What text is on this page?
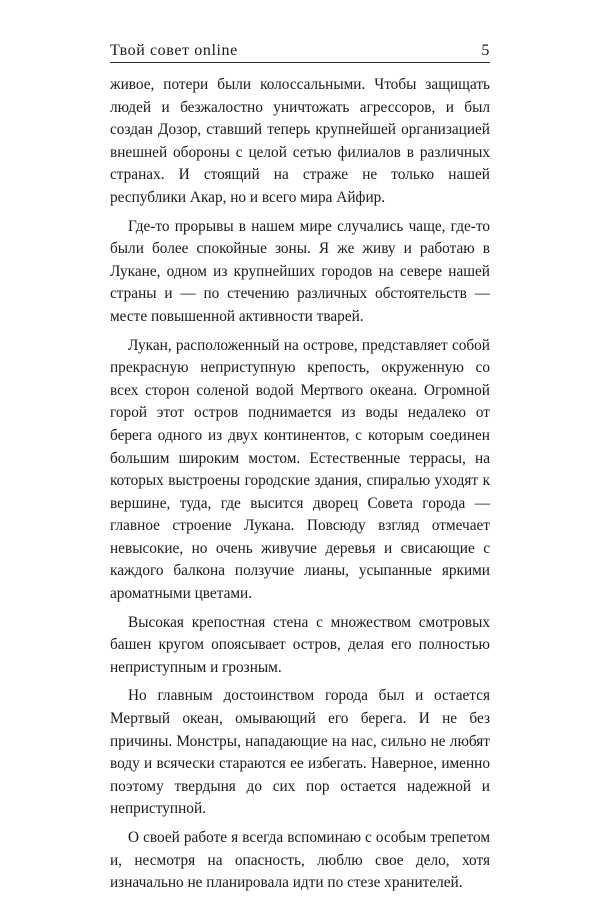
Твой совет online	5

живое, потери были колоссальными. Чтобы защищать людей и безжалостно уничтожать агрессоров, и был создан Дозор, ставший теперь крупнейшей организацией внешней обороны с целой сетью филиалов в различных странах. И стоящий на страже не только нашей республики Акар, но и всего мира Айфир.

Где-то прорывы в нашем мире случались чаще, где-то были более спокойные зоны. Я же живу и работаю в Лукане, одном из крупнейших городов на севере нашей страны и — по стечению различных обстоятельств — месте повышенной активности тварей.

Лукан, расположенный на острове, представляет собой прекрасную неприступную крепость, окруженную со всех сторон соленой водой Мертвого океана. Огромной горой этот остров поднимается из воды недалеко от берега одного из двух континентов, с которым соединен большим широким мостом. Естественные террасы, на которых выстроены городские здания, спиралью уходят к вершине, туда, где высится дворец Совета города — главное строение Лукана. Повсюду взгляд отмечает невысокие, но очень живучие деревья и свисающие с каждого балкона ползучие лианы, усыпанные яркими ароматными цветами.

Высокая крепостная стена с множеством смотровых башен кругом опоясывает остров, делая его полностью неприступным и грозным.

Но главным достоинством города был и остается Мертвый океан, омывающий его берега. И не без причины. Монстры, нападающие на нас, сильно не любят воду и всячески стараются ее избегать. Наверное, именно поэтому твердыня до сих пор остается надежной и неприступной.

О своей работе я всегда вспоминаю с особым трепетом и, несмотря на опасность, люблю свое дело, хотя изначально не планировала идти по стезе хранителей.
